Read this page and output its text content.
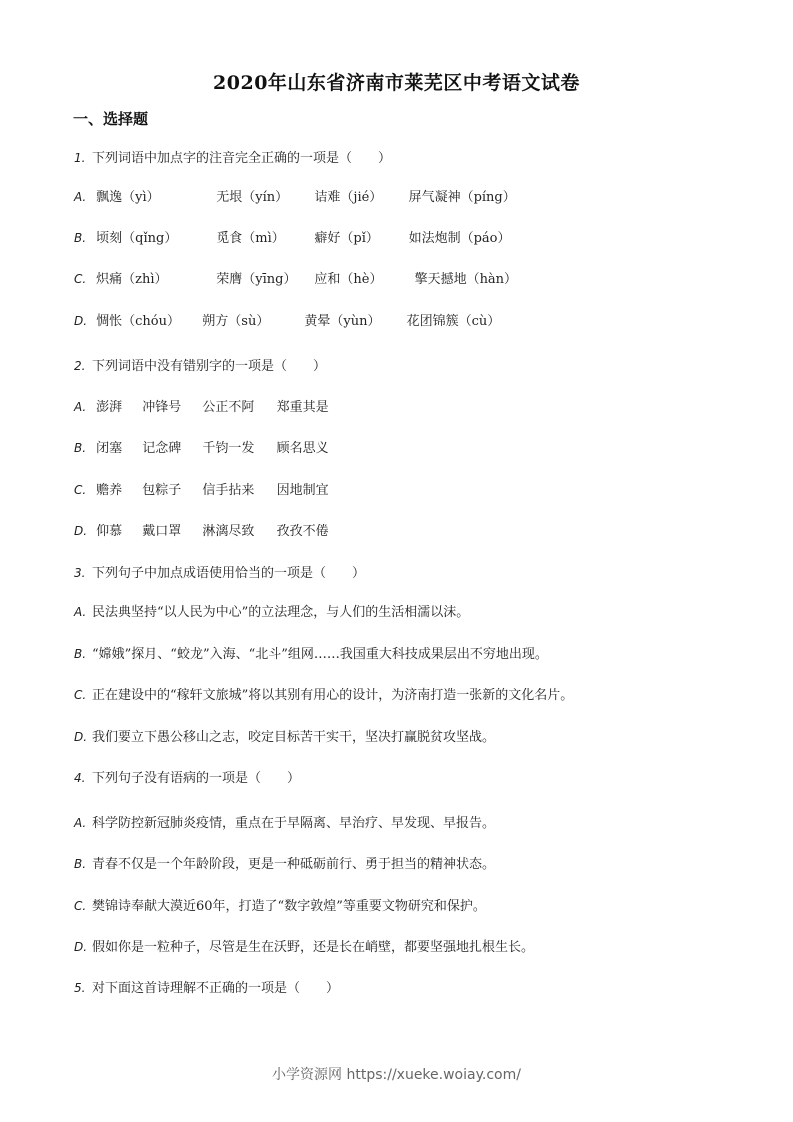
2020年山东省济南市莱芜区中考语文试卷
一、选择题
1. 下列词语中加点字的注音完全正确的一项是（　　）
A. 飘逸（yì）	无垠（yín） 诘难（jié） 屏气凝神（píng）
B. 顷刻（qǐng）	觅食（mì） 癖好（pǐ） 如法炮制（páo）
C. 炽痛（zhì）	荣膺（yīng） 应和（hè） 擎天撼地（hàn）
D. 惆怅（chóu） 朔方（sù）	黄晕（yùn） 花团锦簇（cù）
2. 下列词语中没有错别字的一项是（　　）
A. 澎湃 冲锋号 公正不阿 郑重其是
B. 闭塞 记念碑 千钧一发 顾名思义
C. 赡养 包粽子 信手拈来 因地制宜
D. 仰慕 戴口罩 淋漓尽致 孜孜不倦
3. 下列句子中加点成语使用恰当的一项是（　　）
A. 民法典坚持“以人民为中心”的立法理念，与人们的生活相濡以沫。
B. “嫦娥”探月、“蛟龙”入海、“北斗”组网……我国重大科技成果层出不穷地出现。
C. 正在建设中的“稼轩文旅城”将以其别有用心的设计，为济南打造一张新的文化名片。
D. 我们要立下愚公移山之志，咬定目标苦干实干，坚决打赢脱贫攻坚战。
4. 下列句子没有语病的一项是（　　）
A. 科学防控新冠肺炎疫情，重点在于早隔离、早治疗、早发现、早报告。
B. 青春不仅是一个年龄阶段，更是一种砥砺前行、勇于担当的精神状态。
C. 樊锦诗奉献大漠近60年，打造了“数字敦煌”等重要文物研究和保护。
D. 假如你是一粒种子，尽管是生在沃野，还是长在峭壁，都要坚强地扎根生长。
5. 对下面这首诗理解不正确的一项是（　　）
小学资源网 https://xueke.woiay.com/
